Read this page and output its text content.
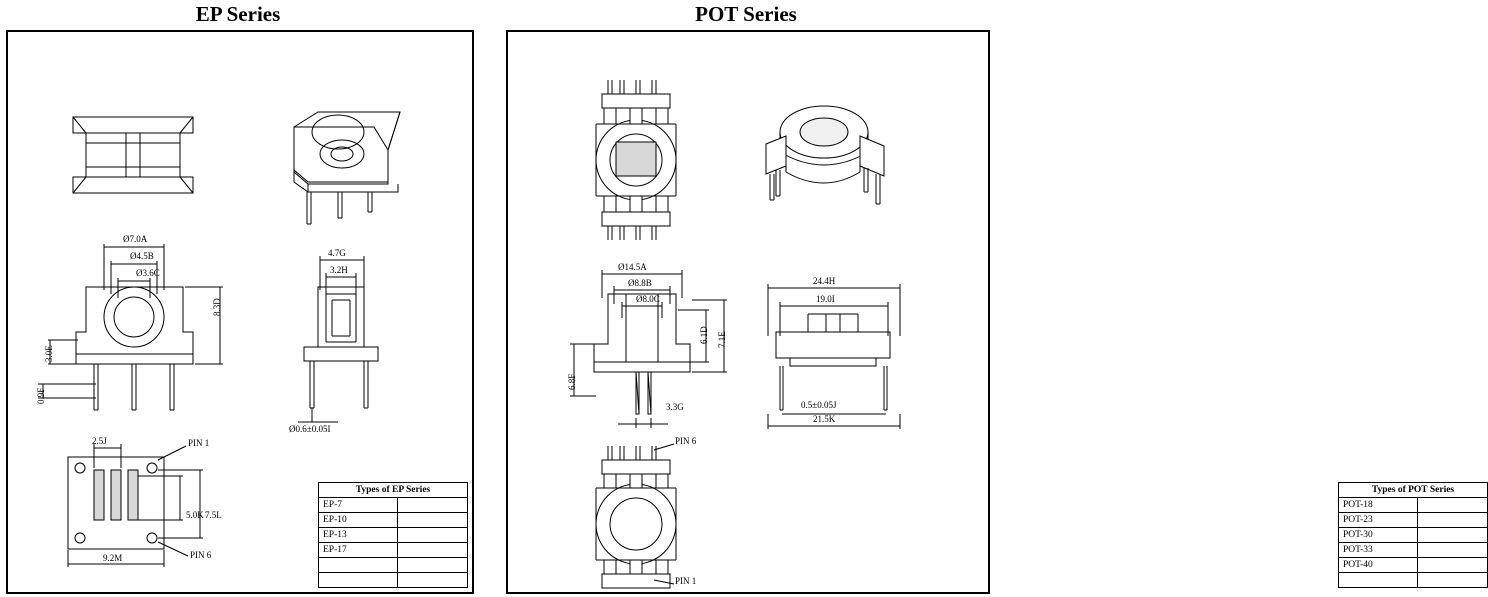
EP Series	POT Series
Ø7.0A
Ø4.5B
Ø3.6C
8.3D
3.0E
0.9F
4.7G
3.2H
Ø0.6±0.05I
2.5J
5.0K 7.5L
9.2M
PIN 1
PIN 6
Types of EP Series	
EP-7	
EP-10	
EP-13	
EP-17	

Ø14.5A
Ø8.8B
Ø8.0C
3.3G
6.1D 7.1E
6.8F
24.4H
19.0I
0.5±0.05J
21.5K
PIN 6
PIN 1
Types of POT Series	
POT-18	
POT-23	
POT-30	
POT-33	
POT-40	
